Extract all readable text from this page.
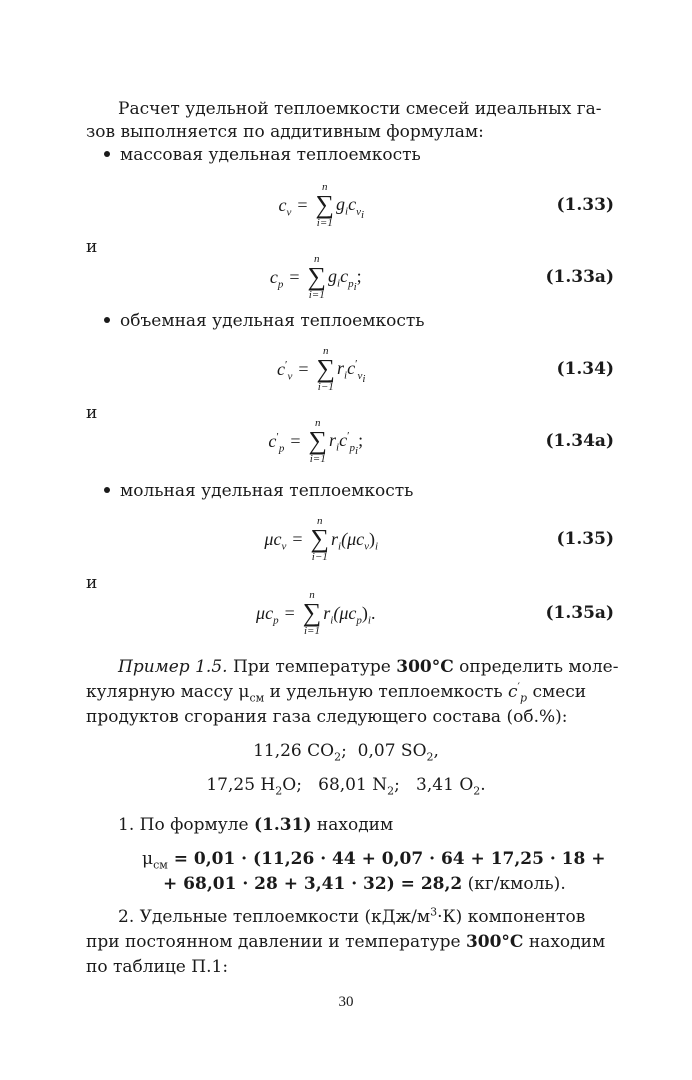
Расчет удельной теплоемкости смесей идеальных га-
зов выполняется по аддитивным формулам:
массовая удельная теплоемкость
$c_v$ =
n
∑
i=1
$g_ic_{v_i}$	(1.33)
и
$c_p$ =
n
∑
i=1
$g_ic_{p_i}$;	(1.33a)
объемная удельная теплоемкость
$c'_v$ =
n
∑
i−1
$r_ic'_{v_i}$	(1.34)
и
$c'_p$ =
n
∑
i=1
$r_ic'_{p_i}$;	(1.34a)
мольная удельная теплоемкость
$\mu c_v$ =
n
∑
i−1
$r_i(\mu c_v)_i$	(1.35)
и
$\mu c_p$ =
n
∑
i=1
$r_i(\mu c_p)_i$.	(1.35a)
Пример 1.5. При температуре 300°C определить моле-
кулярную массу $\mu_{см}$ и удельную теплоемкость $c'_p$ смеси
продуктов сгорания газа следующего состава (об.%):
11,26 $CO_2$; 0,07 $SO_2$,
17,25 $H_2O$; 68,01 $N_2$; 3,41 $O_2$.
1. По формуле (1.31) находим
$\mu_{см} = 0,01 \cdot (11,26 \cdot 44 + 0,07 \cdot 64 + 17,25 \cdot 18$ +
+ 68,01 · 28 + 3,41 · 32) = 28,2 (кг/кмоль).
2. Удельные теплоемкости $(кДж/м^3\cdot К)$ компонентов
при постоянном давлении и температуре 300°C находим
по таблице П.1:
30
